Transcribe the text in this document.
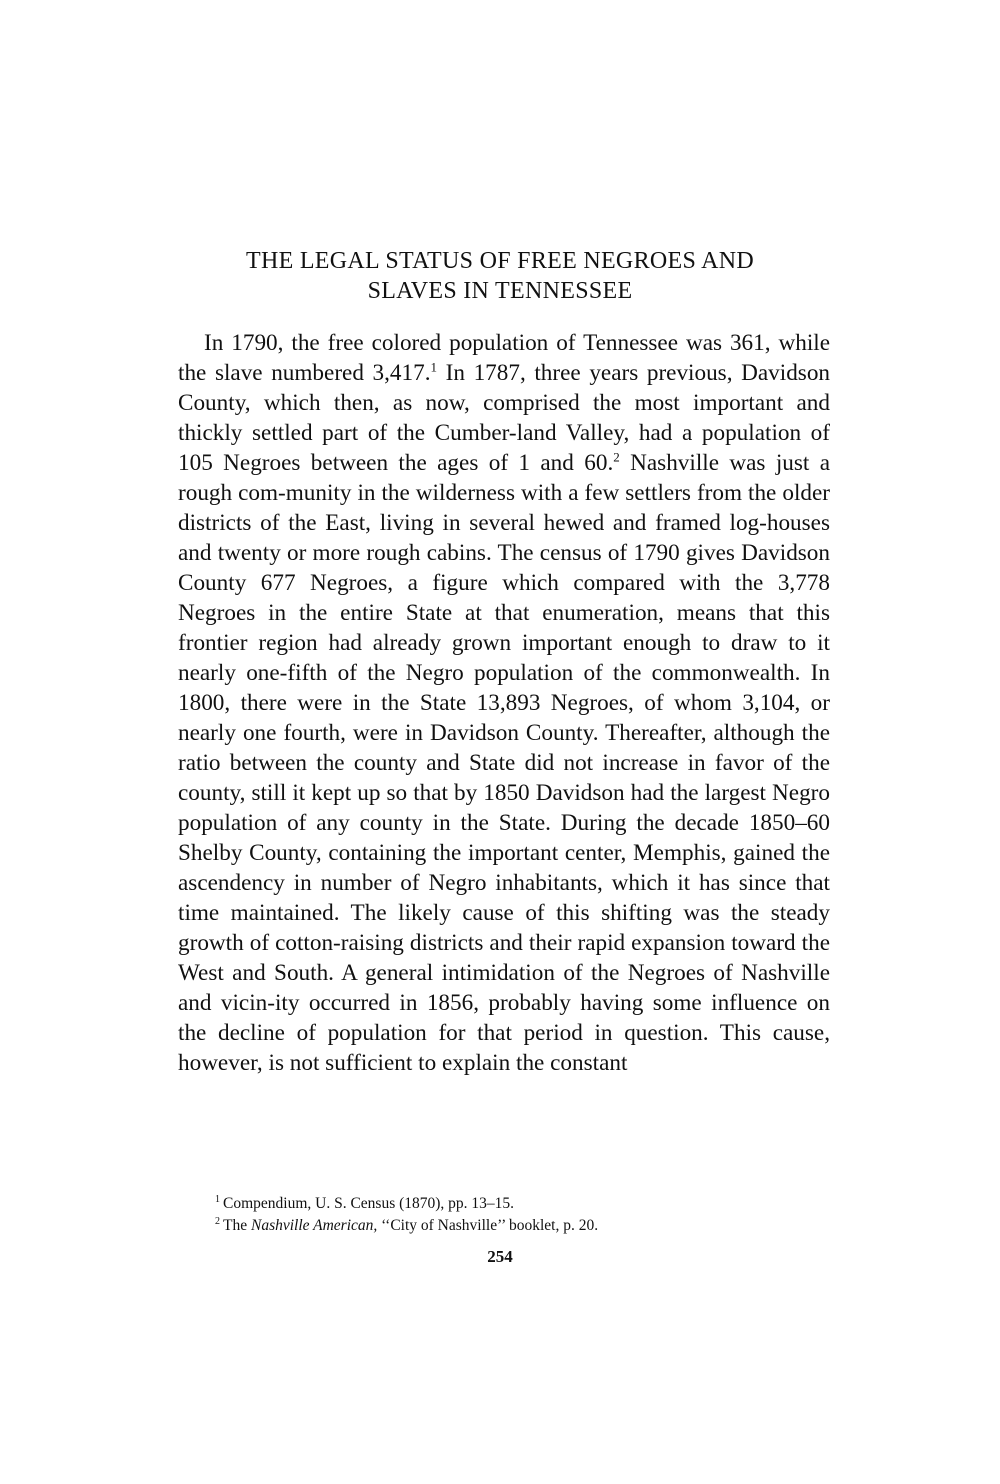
THE LEGAL STATUS OF FREE NEGROES AND
SLAVES IN TENNESSEE

In 1790, the free colored population of Tennessee was 361, while the slave numbered 3,417.$^1$ In 1787, three years previous, Davidson County, which then, as now, comprised the most important and thickly settled part of the Cumber-land Valley, had a population of 105 Negroes between the ages of 1 and 60.$^2$ Nashville was just a rough com-munity in the wilderness with a few settlers from the older districts of the East, living in several hewed and framed log-houses and twenty or more rough cabins. The census of 1790 gives Davidson County 677 Negroes, a figure which compared with the 3,778 Negroes in the entire State at that enumeration, means that this frontier region had already grown important enough to draw to it nearly one-fifth of the Negro population of the commonwealth. In 1800, there were in the State 13,893 Negroes, of whom 3,104, or nearly one fourth, were in Davidson County. Thereafter, although the ratio between the county and State did not increase in favor of the county, still it kept up so that by 1850 Davidson had the largest Negro population of any county in the State. During the decade 1850–60 Shelby County, containing the important center, Memphis, gained the ascendency in number of Negro inhabitants, which it has since that time maintained. The likely cause of this shifting was the steady growth of cotton-raising districts and their rapid expansion toward the West and South. A general intimidation of the Negroes of Nashville and vicin-ity occurred in 1856, probably having some influence on the decline of population for that period in question. This cause, however, is not sufficient to explain the constant

$^1$ Compendium, U. S. Census (1870), pp. 13–15.

$^2$ The Nashville American, ‘‘City of Nashville’’ booklet, p. 20.

254
